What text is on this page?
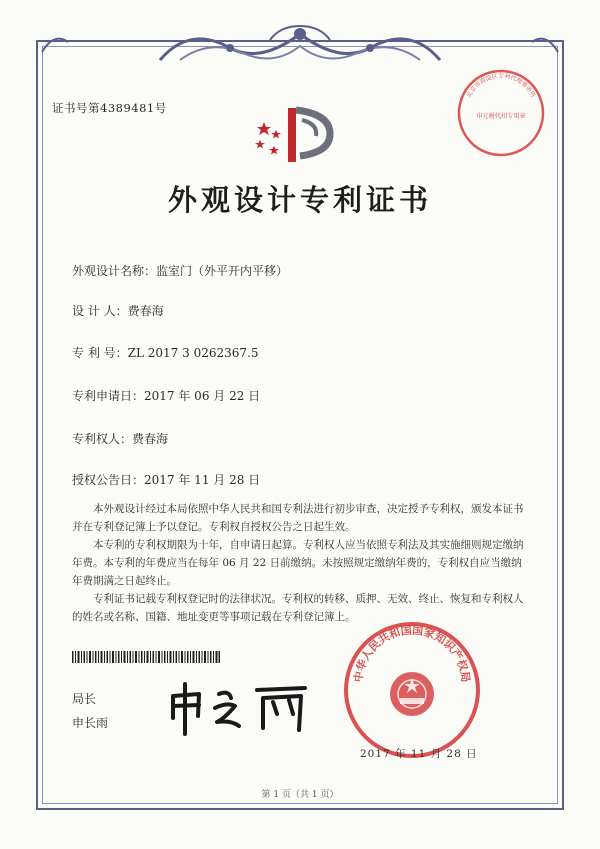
证书号第4389481号
外观设计专利证书
外观设计名称：监室门（外平开内平移）
设 计 人：费春海
专 利 号：ZL 2017 3 0262367.5
专利申请日：2017 年 06 月 22 日
专利权人：费春海
授权公告日：2017 年 11 月 28 日

本外观设计经过本局依照中华人民共和国专利法进行初步审查，决定授予专利权，颁发本证书并在专利登记簿上予以登记。专利权自授权公告之日起生效。

本专利的专利权期限为十年，自申请日起算。专利权人应当依照专利法及其实施细则规定缴纳年费。本专利的年费应当在每年 06 月 22 日前缴纳。未按照规定缴纳年费的，专利权自应当缴纳年费期满之日起终止。

专利证书记载专利权登记时的法律状况。专利权的转移、质押、无效、终止、恢复和专利权人的姓名或名称、国籍、地址变更等事项记载在专利登记簿上。

局长
申长雨
中华人民共和国国家知识产权局
北京市海淀区专利代理事务所
申元税代扣专用章
2017 年 11 月 28 日
第 1 页（共 1 页）
